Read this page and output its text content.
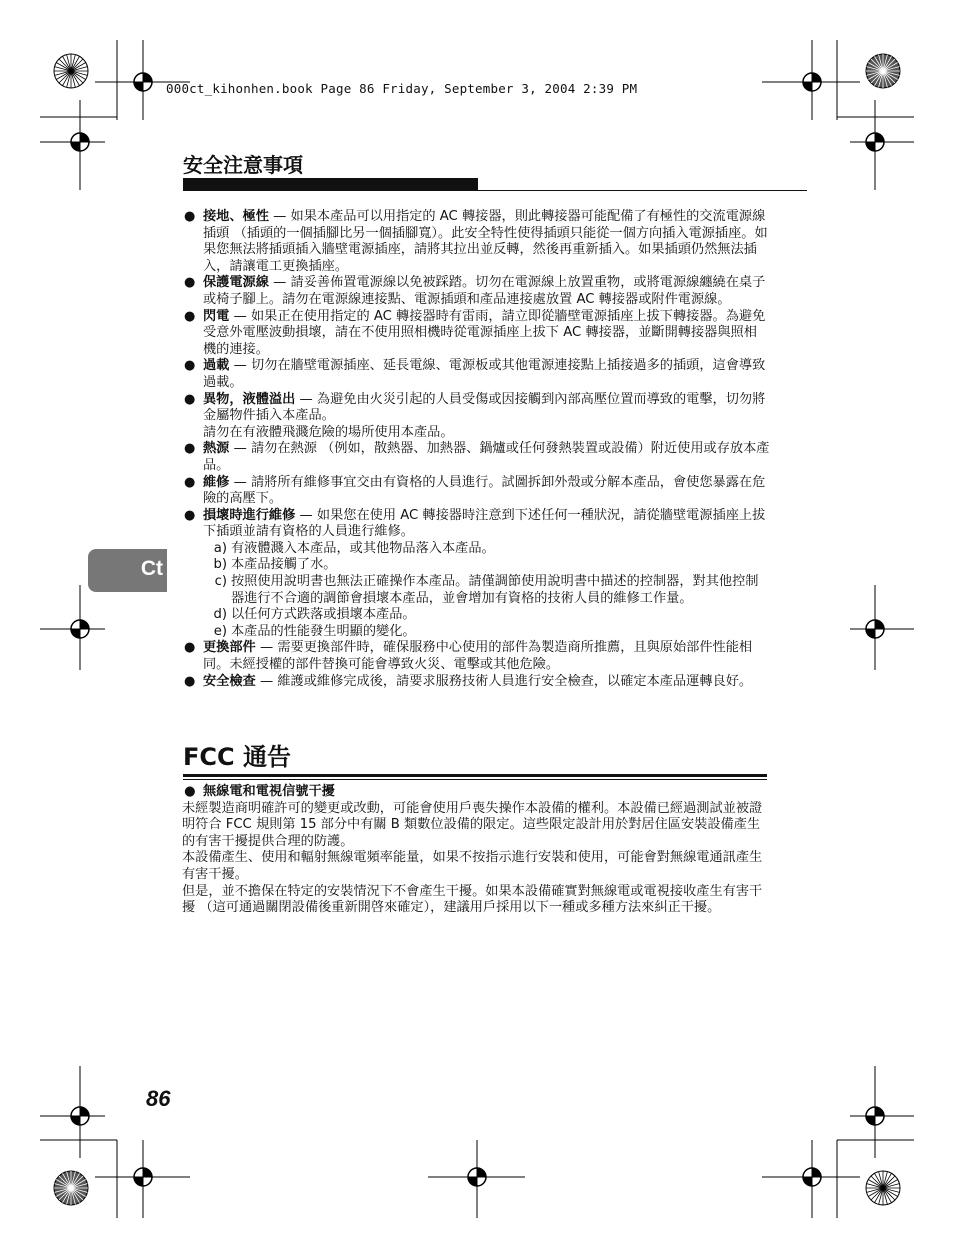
000ct_kihonhen.book Page 86 Friday, September 3, 2004 2:39 PM
安全注意事項
Ct
● 接地、極性 — 如果本產品可以用指定的 AC 轉接器，則此轉接器可能配備了有極性的交流電源線插頭 （插頭的一個插腳比另一個插腳寬）。此安全特性使得插頭只能從一個方向插入電源插座。如果您無法將插頭插入牆壁電源插座，請將其拉出並反轉，然後再重新插入。如果插頭仍然無法插入，請讓電工更換插座。
● 保護電源線 — 請妥善佈置電源線以免被踩踏。切勿在電源線上放置重物，或將電源線纏繞在桌子或椅子腳上。請勿在電源線連接點、電源插頭和產品連接處放置 AC 轉接器或附件電源線。
● 閃電 — 如果正在使用指定的 AC 轉接器時有雷雨，請立即從牆壁電源插座上拔下轉接器。為避免受意外電壓波動損壞，請在不使用照相機時從電源插座上拔下 AC 轉接器，並斷開轉接器與照相機的連接。
● 過載 — 切勿在牆壁電源插座、延長電線、電源板或其他電源連接點上插接過多的插頭，這會導致過載。
● 異物，液體溢出 — 為避免由火災引起的人員受傷或因接觸到內部高壓位置而導致的電擊，切勿將金屬物件插入本產品。
請勿在有液體飛濺危險的場所使用本產品。
● 熱源 — 請勿在熱源 （例如，散熱器、加熱器、鍋爐或任何發熱裝置或設備）附近使用或存放本產品。
● 維修 — 請將所有維修事宜交由有資格的人員進行。試圖拆卸外殼或分解本產品，會使您暴露在危險的高壓下。
● 損壞時進行維修 — 如果您在使用 AC 轉接器時注意到下述任何一種狀況，請從牆壁電源插座上拔下插頭並請有資格的人員進行維修。
a) 有液體濺入本產品，或其他物品落入本產品。
b) 本產品接觸了水。
c) 按照使用說明書也無法正確操作本產品。請僅調節使用說明書中描述的控制器，對其他控制器進行不合適的調節會損壞本產品，並會增加有資格的技術人員的維修工作量。
d) 以任何方式跌落或損壞本產品。
e) 本產品的性能發生明顯的變化。
● 更換部件 — 需要更換部件時，確保服務中心使用的部件為製造商所推薦，且與原始部件性能相同。未經授權的部件替換可能會導致火災、電擊或其他危險。
● 安全檢查 — 維護或維修完成後，請要求服務技術人員進行安全檢查，以確定本產品運轉良好。
FCC 通告
● 無線電和電視信號干擾
未經製造商明確許可的變更或改動，可能會使用戶喪失操作本設備的權利。本設備已經過測試並被證明符合 FCC 規則第 15 部分中有關 B 類數位設備的限定。這些限定設計用於對居住區安裝設備產生的有害干擾提供合理的防護。
本設備產生、使用和輻射無線電頻率能量，如果不按指示進行安裝和使用，可能會對無線電通訊產生有害干擾。
但是，並不擔保在特定的安裝情況下不會產生干擾。如果本設備確實對無線電或電視接收產生有害干擾 （這可通過關閉設備後重新開啓來確定），建議用戶採用以下一種或多種方法來糾正干擾。
86
